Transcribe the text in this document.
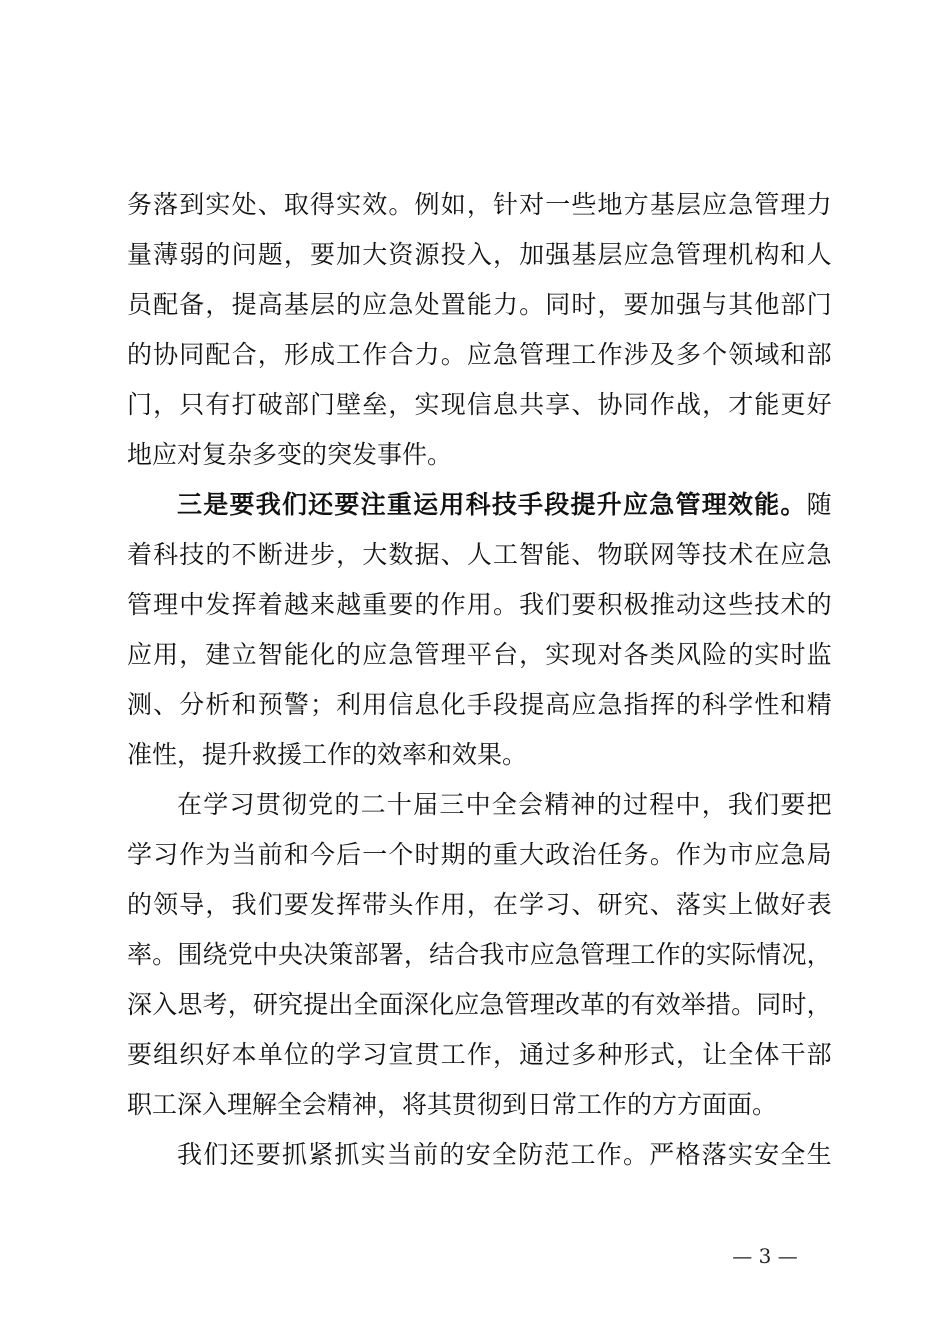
务 落 到 实 处 、 取 得 实 效 。 例 如 ， 针 对 一 些 地 方 基 层 应 急 管 理 力
量 薄 弱 的 问 题 ， 要 加 大 资 源 投 入 ， 加 强 基 层 应 急 管 理 机 构 和 人
员 配 备 ， 提 高 基 层 的 应 急 处 置 能 力 。 同 时 ， 要 加 强 与 其 他 部 门
的 协 同 配 合 ， 形 成 工 作 合 力 。 应 急 管 理 工 作 涉 及 多 个 领 域 和 部
门 ， 只 有 打 破 部 门 壁 垒 ， 实 现 信 息 共 享 、 协 同 作 战 ， 才 能 更 好
地应对复杂多变的突发事件。
三 是 要 我 们 还 要 注 重 运 用 科 技 手 段 提 升 应 急 管 理 效 能 。 随
着 科 技 的 不 断 进 步 ， 大 数 据 、 人 工 智 能 、 物 联 网 等 技 术 在 应 急
管 理 中 发 挥 着 越 来 越 重 要 的 作 用 。 我 们 要 积 极 推 动 这 些 技 术 的
应 用 ， 建 立 智 能 化 的 应 急 管 理 平 台 ， 实 现 对 各 类 风 险 的 实 时 监
测 、 分 析 和 预 警 ； 利 用 信 息 化 手 段 提 高 应 急 指 挥 的 科 学 性 和 精
准性，提升救援工作的效率和效果。
在 学 习 贯 彻 党 的 二 十 届 三 中 全 会 精 神 的 过 程 中 ， 我 们 要 把
学 习 作 为 当 前 和 今 后 一 个 时 期 的 重 大 政 治 任 务 。 作 为 市 应 急 局
的 领 导 ， 我 们 要 发 挥 带 头 作 用 ， 在 学 习 、 研 究 、 落 实 上 做 好 表
率 。 围 绕 党 中 央 决 策 部 署 ， 结 合 我 市 应 急 管 理 工 作 的 实 际 情 况 ，
深 入 思 考 ， 研 究 提 出 全 面 深 化 应 急 管 理 改 革 的 有 效 举 措 。 同 时 ，
要 组 织 好 本 单 位 的 学 习 宣 贯 工 作 ， 通 过 多 种 形 式 ， 让 全 体 干 部
职工深入理解全会精神，将其贯彻到日常工作的方方面面。
我 们 还 要 抓 紧 抓 实 当 前 的 安 全 防 范 工 作 。 严 格 落 实 安 全 生
— 3 —
